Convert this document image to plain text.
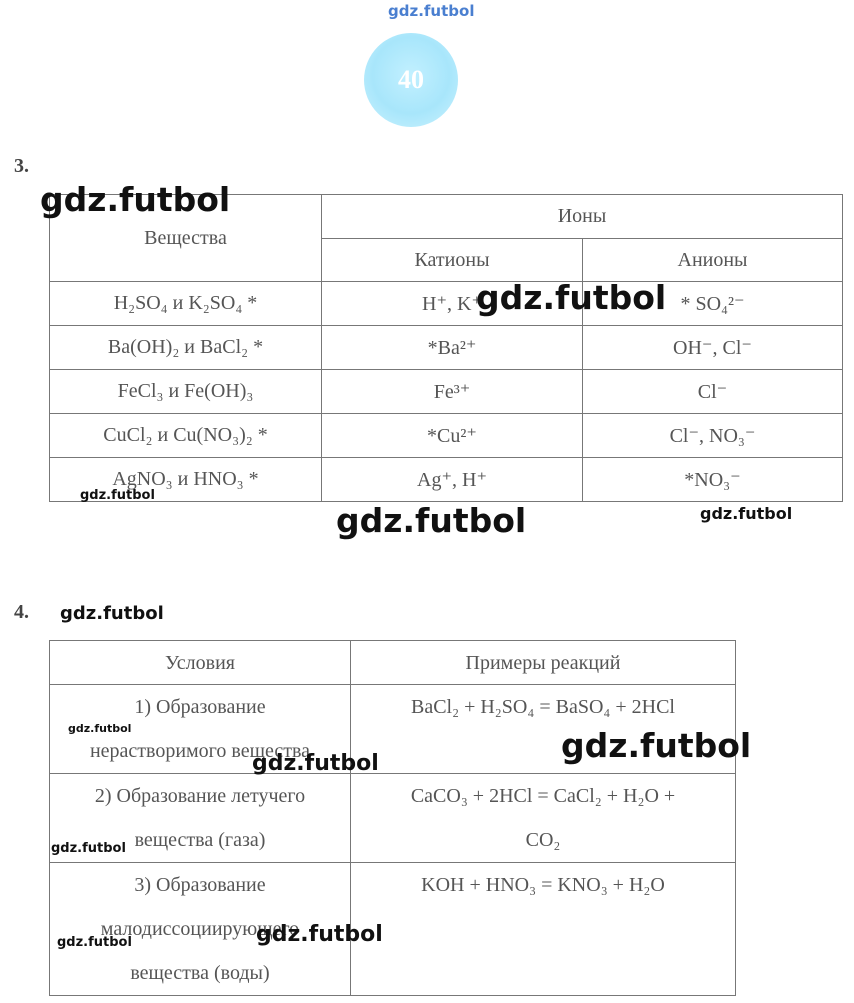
gdz.futbol
40
3.
Вещества	Ионы	
	Катионы	Анионы
H₂SO₄ и K₂SO₄ *	H⁺, K⁺	* SO₄²⁻
Ba(OH)₂ и BaCl₂ *	*Ba²⁺	OH⁻, Cl⁻
FeCl₃ и Fe(OH)₃	Fe³⁺	Cl⁻
CuCl₂ и Cu(NO₃)₂ *	*Cu²⁺	Cl⁻, NO₃⁻
AgNO₃ и HNO₃ *	Ag⁺, H⁺	*NO₃⁻
4.
Условия	Примеры реакций

1) Образование
нерастворимого вещества	BaCl₂ + H₂SO₄ = BaSO₄ + 2HCl

2) Образование летучего
вещества (газа)	CaCO₃ + 2HCl = CaCl₂ + H₂O +
CO₂

3) Образование
малодиссоциирующего
вещества (воды)	KOH + HNO₃ = KNO₃ + H₂O
gdz.futbol
gdz.futbol
gdz.futbol
gdz.futbol	gdz.futbol
gdz.futbol
gdz.futbol	gdz.futbol
gdz.futbol
gdz.futbol
gdz.futbol
gdz.futbol
